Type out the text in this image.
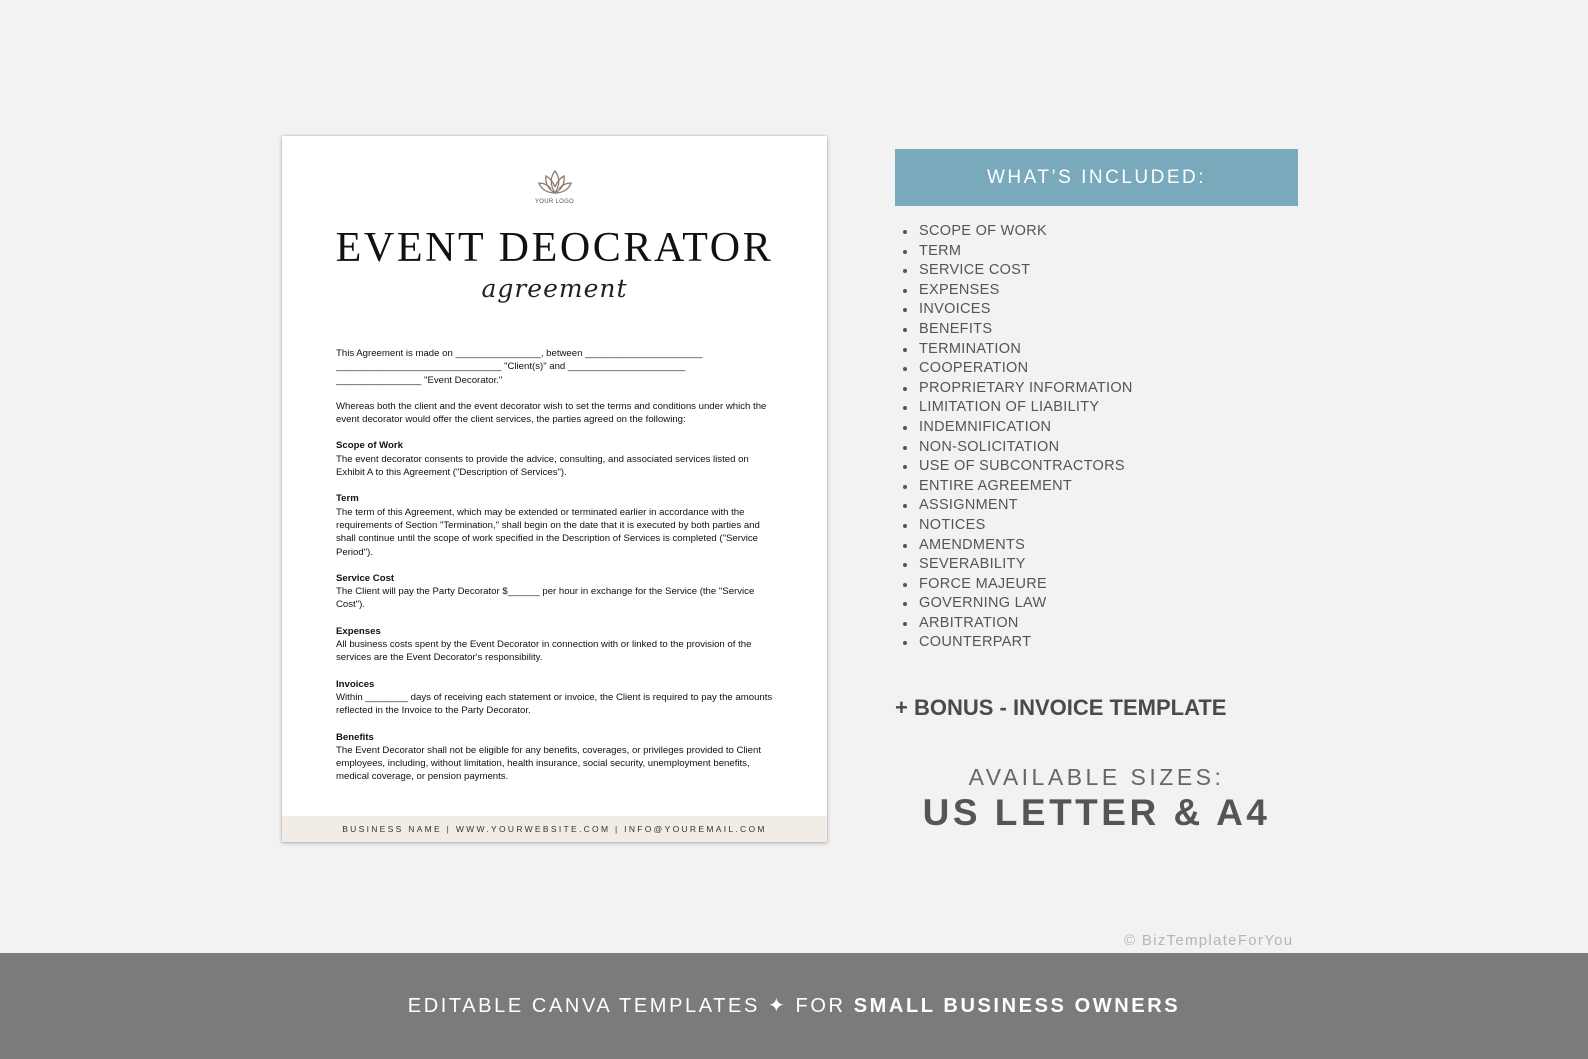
YOUR LOGO
EVENT DEOCRATOR
agreement

This Agreement is made on ________________, between ______________________
_______________________________ "Client(s)" and ______________________
________________ "Event Decorator."

Whereas both the client and the event decorator wish to set the terms and conditions under which the event decorator would offer the client services, the parties agreed on the following:

Scope of Work
The event decorator consents to provide the advice, consulting, and associated services listed on Exhibit A to this Agreement ("Description of Services").

Term
The term of this Agreement, which may be extended or terminated earlier in accordance with the requirements of Section "Termination," shall begin on the date that it is executed by both parties and shall continue until the scope of work specified in the Description of Services is completed ("Service Period").

Service Cost
The Client will pay the Party Decorator $______ per hour in exchange for the Service (the "Service Cost").

Expenses
All business costs spent by the Event Decorator in connection with or linked to the provision of the services are the Event Decorator's responsibility.

Invoices
Within ________ days of receiving each statement or invoice, the Client is required to pay the amounts reflected in the Invoice to the Party Decorator.

Benefits
The Event Decorator shall not be eligible for any benefits, coverages, or privileges provided to Client employees, including, without limitation, health insurance, social security, unemployment benefits, medical coverage, or pension payments.

BUSINESS NAME | WWW.YOURWEBSITE.COM | INFO@YOUREMAIL.COM
WHAT’S INCLUDED:
SCOPE OF WORK
TERM
SERVICE COST
EXPENSES
INVOICES
BENEFITS
TERMINATION
COOPERATION
PROPRIETARY INFORMATION
LIMITATION OF LIABILITY
INDEMNIFICATION
NON-SOLICITATION
USE OF SUBCONTRACTORS
ENTIRE AGREEMENT
ASSIGNMENT
NOTICES
AMENDMENTS
SEVERABILITY
FORCE MAJEURE
GOVERNING LAW
ARBITRATION
COUNTERPART
+ BONUS - INVOICE TEMPLATE
AVAILABLE SIZES:
US LETTER & A4
© BizTemplateForYou
EDITABLE CANVA TEMPLATES ✦ FOR SMALL BUSINESS OWNERS
